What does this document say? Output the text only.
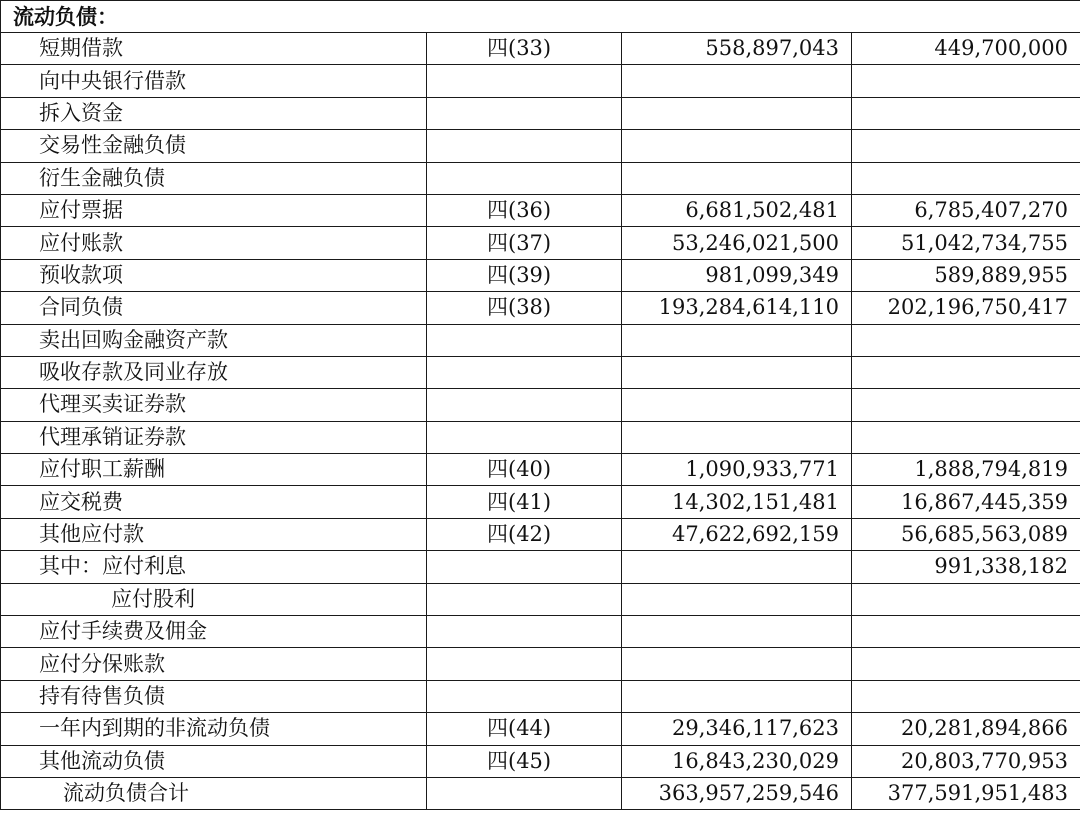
流动负债：			
短期借款	四(33)	558,897,043	449,700,000
向中央银行借款			
拆入资金			
交易性金融负债			
衍生金融负债			
应付票据	四(36)	6,681,502,481	6,785,407,270
应付账款	四(37)	53,246,021,500	51,042,734,755
预收款项	四(39)	981,099,349	589,889,955
合同负债	四(38)	193,284,614,110	202,196,750,417
卖出回购金融资产款			
吸收存款及同业存放			
代理买卖证券款			
代理承销证券款			
应付职工薪酬	四(40)	1,090,933,771	1,888,794,819
应交税费	四(41)	14,302,151,481	16,867,445,359
其他应付款	四(42)	47,622,692,159	56,685,563,089
其中：应付利息			991,338,182
应付股利			
应付手续费及佣金			
应付分保账款			
持有待售负债			
一年内到期的非流动负债	四(44)	29,346,117,623	20,281,894,866
其他流动负债	四(45)	16,843,230,029	20,803,770,953
流动负债合计		363,957,259,546	377,591,951,483
